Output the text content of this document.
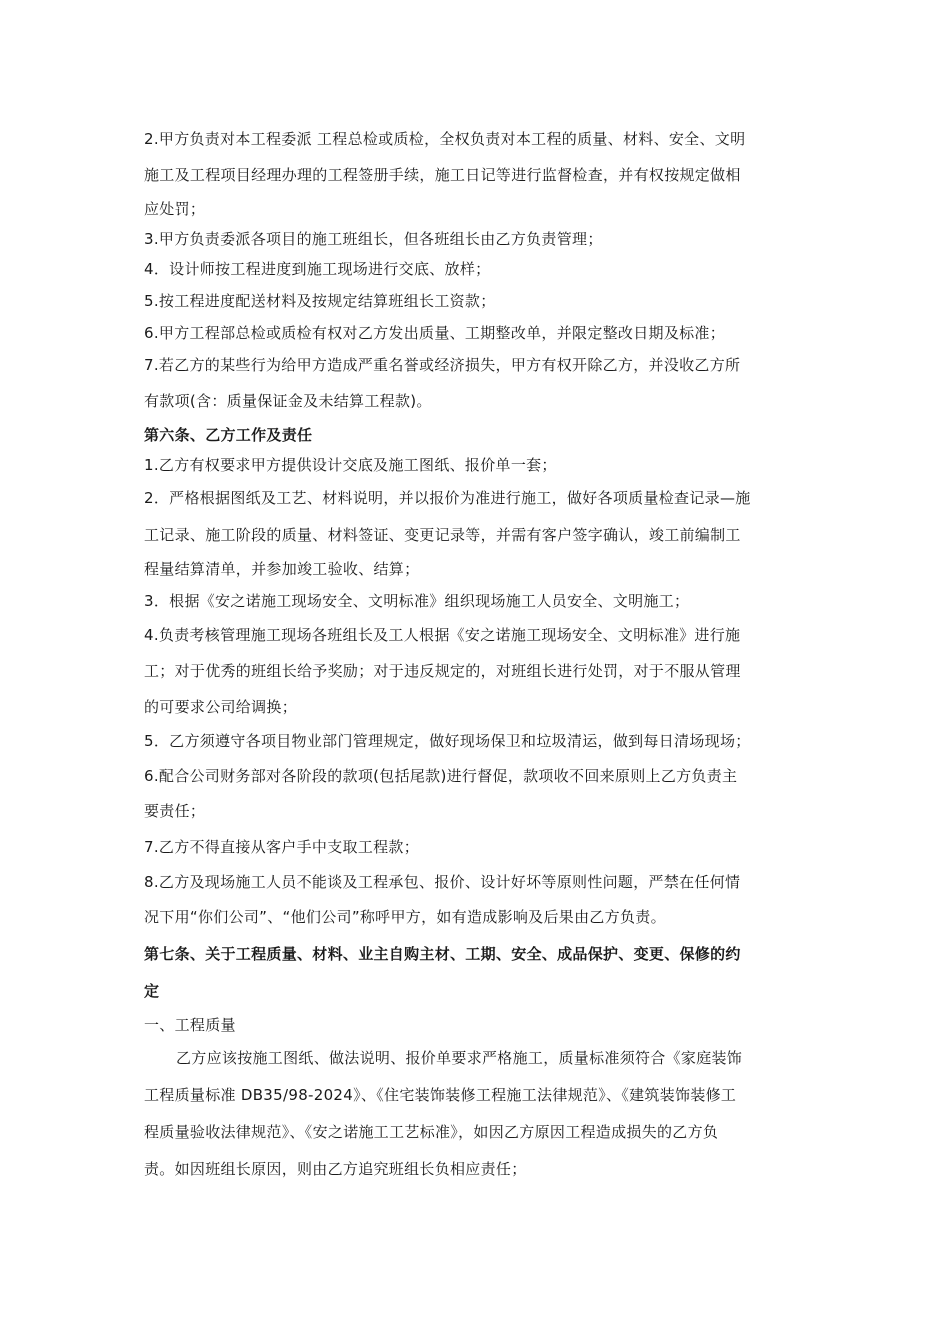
2.甲方负责对本工程委派 工程总检或质检，全权负责对本工程的质量、材料、安全、文明
施工及工程项目经理办理的工程签册手续，施工日记等进行监督检查，并有权按规定做相
应处罚；
3.甲方负责委派各项目的施工班组长，但各班组长由乙方负责管理；
4．设计师按工程进度到施工现场进行交底、放样；
5.按工程进度配送材料及按规定结算班组长工资款；
6.甲方工程部总检或质检有权对乙方发出质量、工期整改单，并限定整改日期及标准；
7.若乙方的某些行为给甲方造成严重名誉或经济损失，甲方有权开除乙方，并没收乙方所
有款项(含：质量保证金及未结算工程款)。
第六条、乙方工作及责任
1.乙方有权要求甲方提供设计交底及施工图纸、报价单一套；
2．严格根据图纸及工艺、材料说明，并以报价为准进行施工，做好各项质量检查记录—施
工记录、施工阶段的质量、材料签证、变更记录等，并需有客户签字确认，竣工前编制工
程量结算清单，并参加竣工验收、结算；
3．根据《安之诺施工现场安全、文明标准》组织现场施工人员安全、文明施工；
4.负责考核管理施工现场各班组长及工人根据《安之诺施工现场安全、文明标准》进行施
工；对于优秀的班组长给予奖励；对于违反规定的，对班组长进行处罚，对于不服从管理
的可要求公司给调换；
5．乙方须遵守各项目物业部门管理规定，做好现场保卫和垃圾清运，做到每日清场现场；
6.配合公司财务部对各阶段的款项(包括尾款)进行督促，款项收不回来原则上乙方负责主
要责任；
7.乙方不得直接从客户手中支取工程款；
8.乙方及现场施工人员不能谈及工程承包、报价、设计好坏等原则性问题，严禁在任何情
况下用“你们公司”、“他们公司”称呼甲方，如有造成影响及后果由乙方负责。
第七条、关于工程质量、材料、业主自购主材、工期、安全、成品保护、变更、保修的约
定
一、工程质量
乙方应该按施工图纸、做法说明、报价单要求严格施工，质量标准须符合《家庭装饰
工程质量标准 DB35/98-2024》、《住宅装饰装修工程施工法律规范》、《建筑装饰装修工
程质量验收法律规范》、《安之诺施工工艺标准》，如因乙方原因工程造成损失的乙方负
责。如因班组长原因，则由乙方追究班组长负相应责任；
